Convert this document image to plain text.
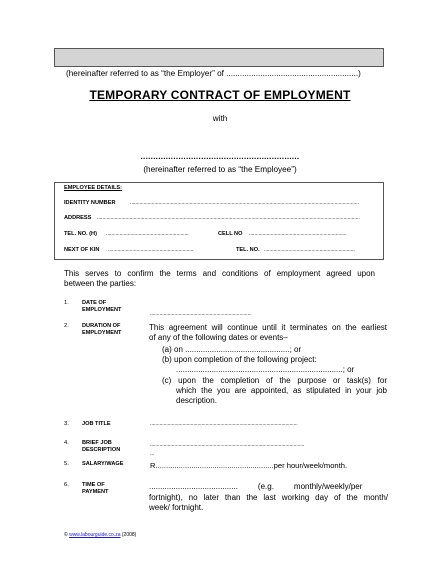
(hereinafter referred to as “the Employer” of ..........................................................)
TEMPORARY CONTRACT OF EMPLOYMENT
with
...............................................................
(hereinafter referred to as “the Employee”)
EMPLOYEE DETAILS:
IDENTITY NUMBER	.........................................................................................................................................................................
ADDRESS ..................................................................................................................................................................................................
TEL. NO. (H) .............................................................	CELL NO ........................................................................
NEXT OF KIN ...............................................................	TEL. NO. ...................................................................
This serves to confirm the terms and conditions of employment agreed upon
between the parties:
1. DATE OF
EMPLOYMENT
...........................................................................
2. DURATION OF
EMPLOYMENT
This agreement will continue until it terminates on the earliest
of any of the following dates or events–
(a) on ...............................................; or
(b) upon completion of the following project:
...........................................................................; or
(c) upon the completion of the purpose or task(s) for
which the you are appointed, as stipulated in your job
description.
3. JOB TITLE	.............................................................................................................
4. BRIEF JOB
DESCRIPTION
..................................................................................................................
...
5. SALARY/WAGE	R........................................................per hour/week/month.
6. TIME OF
PAYMENT
........................................         (e.g.         monthly/weekly/per
fortnight), no later than the last working day of the month/
week/ fortnight.
© www.labourguide.co.za (2008)
